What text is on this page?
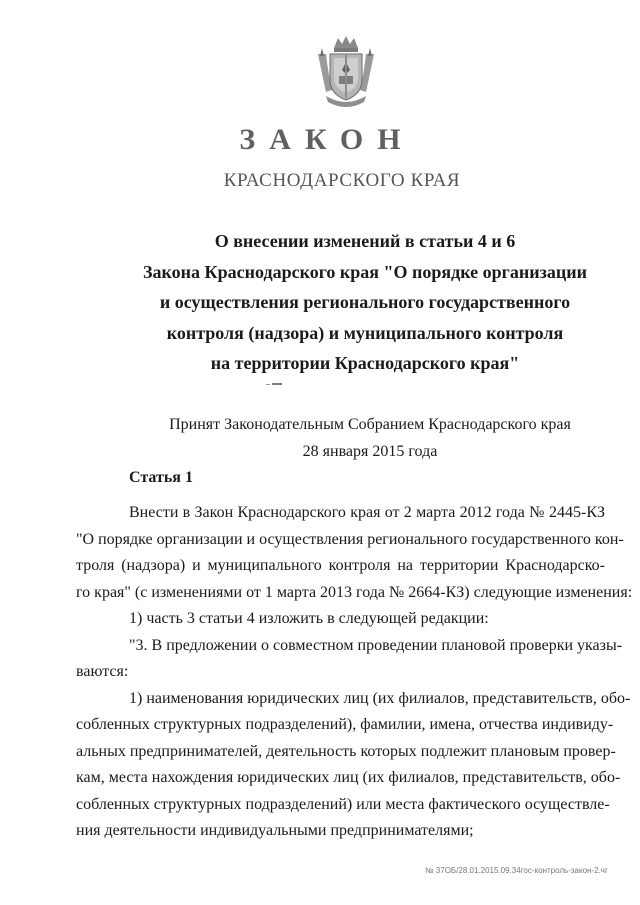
ЗАКОН
КРАСНОДАРСКОГО КРАЯ
О внесении изменений в статьи 4 и 6
Закона Краснодарского края "О порядке организации
и осуществления регионального государственного
контроля (надзора) и муниципального контроля
на территории Краснодарского края"
Принят Законодательным Собранием Краснодарского края
28 января 2015 года
Статья 1
Внести в Закон Краснодарского края от 2 марта 2012 года № 2445-КЗ
"О порядке организации и осуществления регионального государственного кон-
троля (надзора) и муниципального контроля на территории Краснодарско-
го края" (с изменениями от 1 марта 2013 года № 2664-КЗ) следующие изменения:
1) часть 3 статьи 4 изложить в следующей редакции:
"3. В предложении о совместном проведении плановой проверки указы-
ваются:
1) наименования юридических лиц (их филиалов, представительств, обо-
собленных структурных подразделений), фамилии, имена, отчества индивиду-
альных предпринимателей, деятельность которых подлежит плановым провер-
кам, места нахождения юридических лиц (их филиалов, представительств, обо-
собленных структурных подразделений) или места фактического осуществле-
ния деятельности индивидуальными предпринимателями;
№ 37ОБ/28.01.2015.09.34гос-контроль-закон-2.чг
